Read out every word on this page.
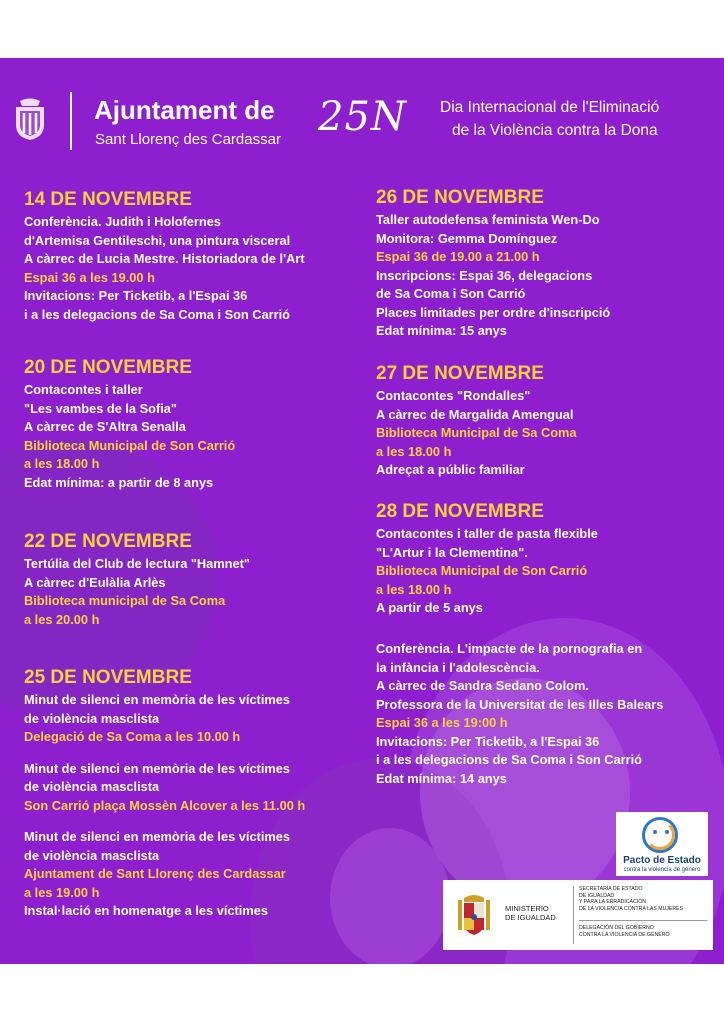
Ajuntament de
Sant Llorenç des Cardassar 25N Dia Internacional de l'Eliminació
de la Violència contra la Dona
14 DE NOVEMBRE
Conferència. Judith i Holofernes
d'Artemisa Gentileschi, una pintura visceral
A càrrec de Lucia Mestre. Historiadora de l'Art
Espai 36 a les 19.00 h
Invitacions: Per Ticketib, a l'Espai 36
i a les delegacions de Sa Coma i Son Carrió
20 DE NOVEMBRE
Contacontes i taller
"Les vambes de la Sofia"
A càrrec de S'Altra Senalla
Biblioteca Municipal de Son Carrió
a les 18.00 h
Edat mínima: a partir de 8 anys
22 DE NOVEMBRE
Tertúlia del Club de lectura "Hamnet"
A càrrec d'Eulàlia Arlès
Biblioteca municipal de Sa Coma
a les 20.00 h
25 DE NOVEMBRE
Minut de silenci en memòria de les víctimes
de violència masclista
Delegació de Sa Coma a les 10.00 h
Minut de silenci en memòria de les víctimes
de violència masclista
Son Carrió plaça Mossèn Alcover a les 11.00 h
Minut de silenci en memòria de les víctimes
de violència masclista
Ajuntament de Sant Llorenç des Cardassar
a les 19.00 h
Instal·lació en homenatge a les víctimes
26 DE NOVEMBRE
Taller autodefensa feminista Wen-Do
Monitora: Gemma Domínguez
Espai 36 de 19.00 a 21.00 h
Inscripcions: Espai 36, delegacions
de Sa Coma i Son Carrió
Places limitades per ordre d'inscripció
Edat mínima: 15 anys
27 DE NOVEMBRE
Contacontes "Rondalles"
A càrrec de Margalida Amengual
Biblioteca Municipal de Sa Coma
a les 18.00 h
Adreçat a públic familiar
28 DE NOVEMBRE
Contacontes i taller de pasta flexible
"L'Artur i la Clementina".
Biblioteca Municipal de Son Carrió
a les 18.00 h
A partir de 5 anys
Conferència. L'impacte de la pornografia en
la infància i l'adolescència.
A càrrec de Sandra Sedano Colom.
Professora de la Universitat de les Illes Balears
Espai 36 a les 19:00 h
Invitacions: Per Ticketib, a l'Espai 36
i a les delegacions de Sa Coma i Son Carrió
Edat mínima: 14 anys
Pacto de Estado
contra la violencia de género
MINISTERIO
DE IGUALDAD
SECRETARÍA DE ESTADO
DE IGUALDAD
Y PARA LA ERRADICACIÓN
DE LA VIOLENCIA CONTRA LAS MUJERES
DELEGACIÓN DEL GOBIERNO
CONTRA LA VIOLENCIA DE GÉNERO
